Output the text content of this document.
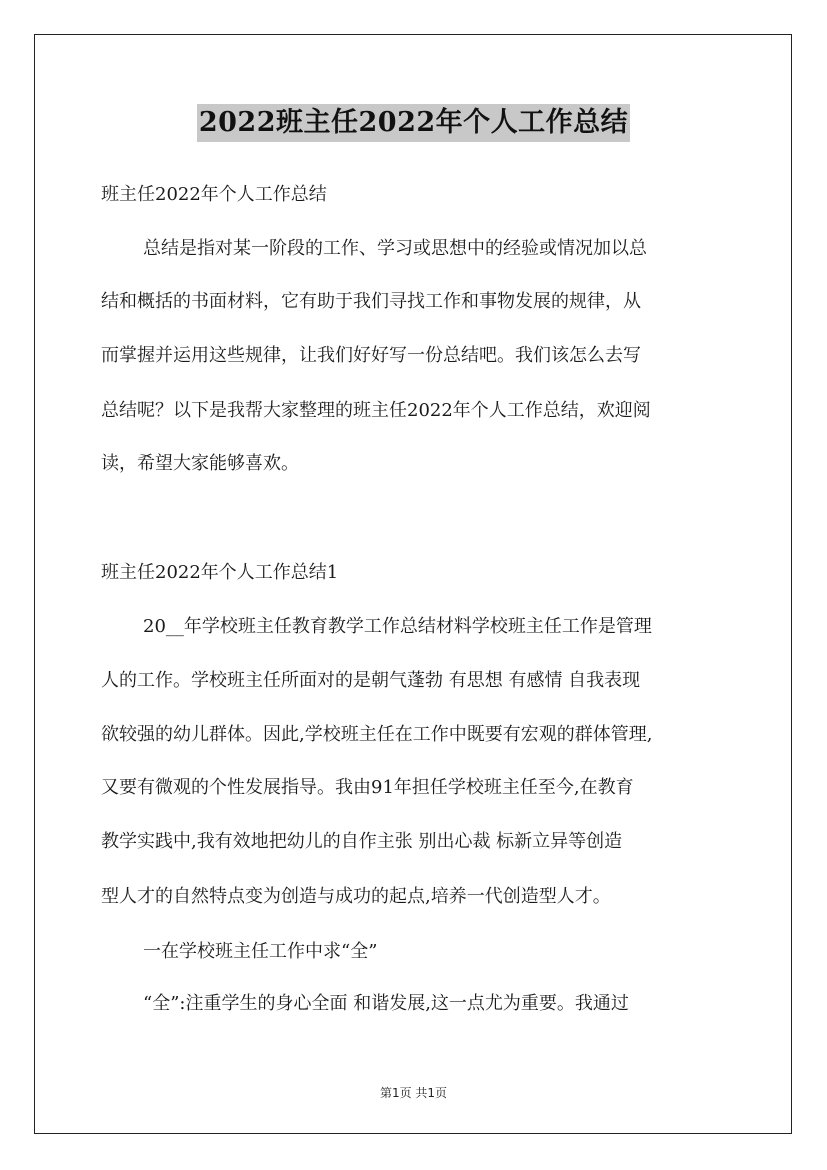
2022班主任2022年个人工作总结
班主任2022年个人工作总结
总结是指对某一阶段的工作、学习或思想中的经验或情况加以总
结和概括的书面材料，它有助于我们寻找工作和事物发展的规律，从
而掌握并运用这些规律，让我们好好写一份总结吧。我们该怎么去写
总结呢？以下是我帮大家整理的班主任2022年个人工作总结，欢迎阅
读，希望大家能够喜欢。
班主任2022年个人工作总结1
20__年学校班主任教育教学工作总结材料学校班主任工作是管理
人的工作。学校班主任所面对的是朝气蓬勃 有思想 有感情 自我表现
欲较强的幼儿群体。因此,学校班主任在工作中既要有宏观的群体管理,
又要有微观的个性发展指导。我由91年担任学校班主任至今,在教育
教学实践中,我有效地把幼儿的自作主张 别出心裁 标新立异等创造
型人才的自然特点变为创造与成功的起点,培养一代创造型人才。
一在学校班主任工作中求“全”
“全”:注重学生的身心全面 和谐发展,这一点尤为重要。我通过
第1页 共1页
